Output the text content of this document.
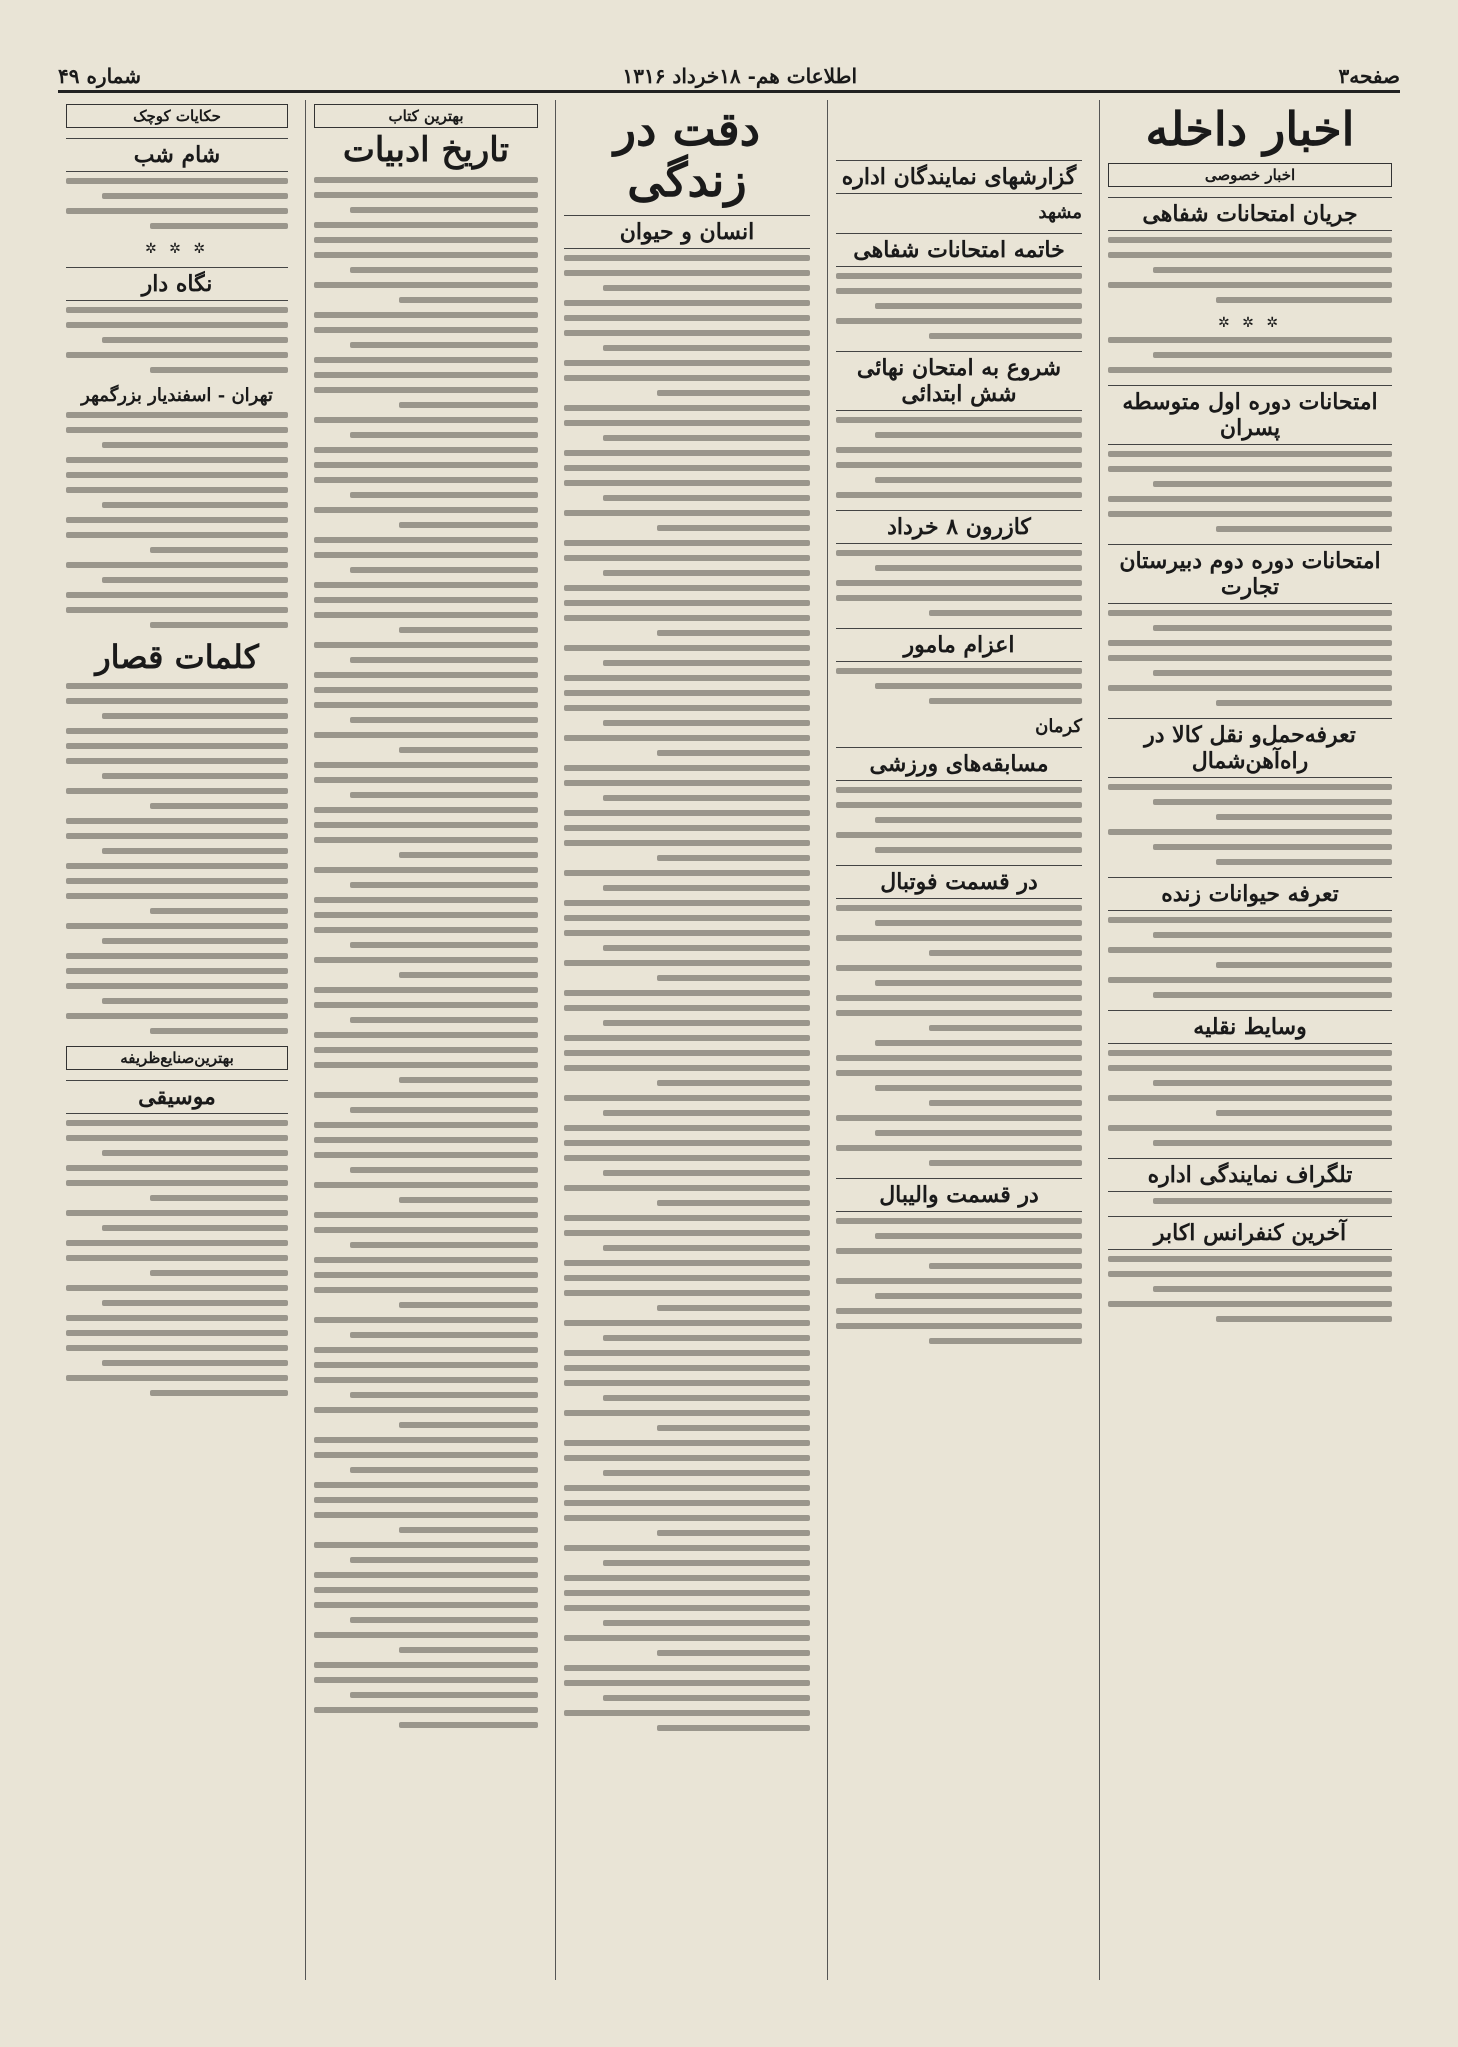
صفحه۳
اطلاعات هم- ۱۸خرداد ۱۳۱۶
شماره ۴۹
اخبار داخله
اخبار خصوصی
جریان امتحانات شفاهی
✲ ✲ ✲
امتحانات دوره اول متوسطه پسران
امتحانات دوره دوم دبیرستان تجارت
تعرفه‌حمل‌و نقل کالا در راه‌آهن‌شمال
تعرفه حیوانات زنده
وسایط نقلیه
تلگراف نمایندگی اداره
آخرین کنفرانس اکابر
گزارشهای نمایندگان اداره
مشهد
خاتمه امتحانات شفاهی
شروع به امتحان نهائی شش ابتدائی
کازرون ۸ خرداد
اعزام مامور
کرمان
مسابقه‌های ورزشی
در قسمت فوتبال
در قسمت والیبال
دقت در زندگی
انسان و حیوان
بهترین کتاب
تاریخ ادبیات
حکایات کوچک
شام شب
✲ ✲ ✲
نگاه دار
تهران - اسفندیار بزرگمهر
کلمات قصار
بهترین‌صنایع‌ظریفه
موسیقی
